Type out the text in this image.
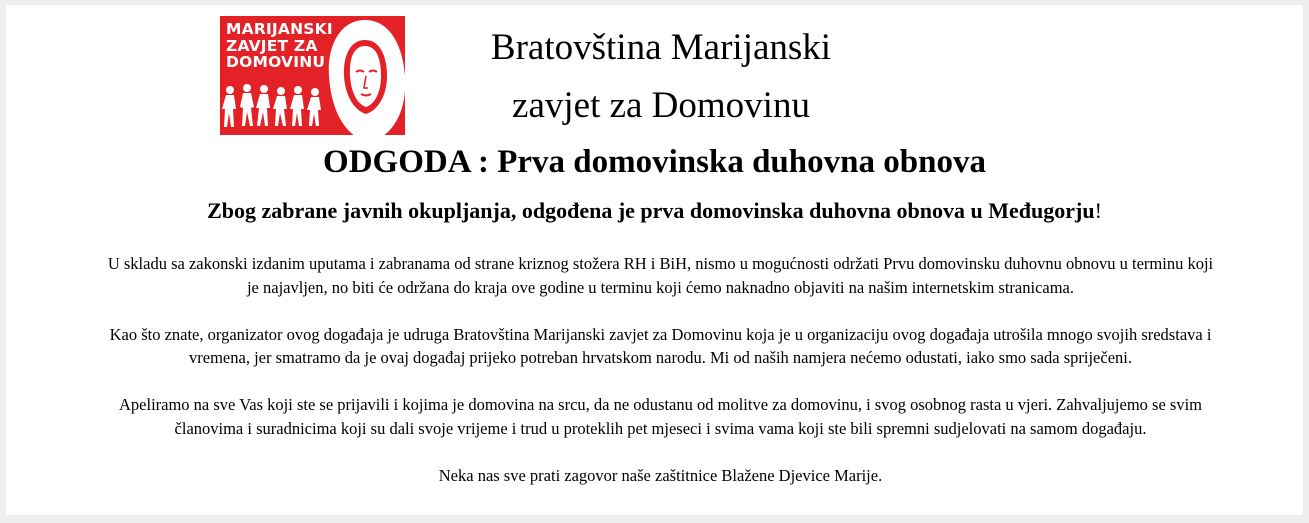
MARIJANSKI
ZAVJET ZA
DOMOVINU	Bratovština Marijanski
zavjet za Domovinu
ODGODA : Prva domovinska duhovna obnova
Zbog zabrane javnih okupljanja, odgođena je prva domovinska duhovna obnova u Međugorju!

U skladu sa zakonski izdanim uputama i zabranama od strane kriznog stožera RH i BiH, nismo u mogućnosti održati Prvu domovinsku duhovnu obnovu u terminu koji je najavljen, no biti će održana do kraja ove godine u terminu koji ćemo naknadno objaviti na našim internetskim stranicama.

Kao što znate, organizator ovog događaja je udruga Bratovština Marijanski zavjet za Domovinu koja je u organizaciju ovog događaja utrošila mnogo svojih sredstava i vremena, jer smatramo da je ovaj događaj prijeko potreban hrvatskom narodu. Mi od naših namjera nećemo odustati, iako smo sada spriječeni.

Apeliramo na sve Vas koji ste se prijavili i kojima je domovina na srcu, da ne odustanu od molitve za domovinu, i svog osobnog rasta u vjeri. Zahvaljujemo se svim članovima i suradnicima koji su dali svoje vrijeme i trud u proteklih pet mjeseci i svima vama koji ste bili spremni sudjelovati na samom događaju.

Neka nas sve prati zagovor naše zaštitnice Blažene Djevice Marije.
